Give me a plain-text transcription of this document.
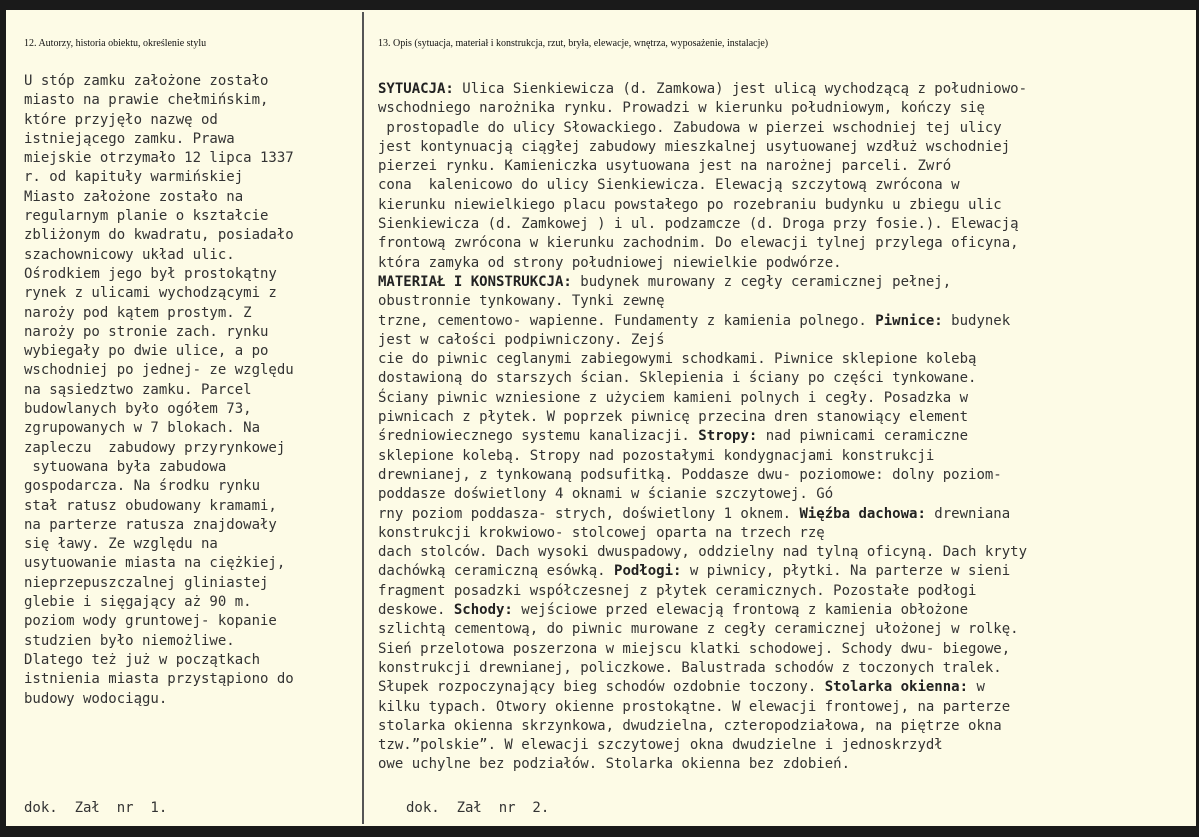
12. Autorzy, historia obiektu, określenie stylu	13. Opis (sytuacja, materiał i konstrukcja, rzut, bryła, elewacje, wnętrza, wyposażenie, instalacje)
U stóp zamku założone zostało
miasto na prawie chełmińskim,
które przyjęło nazwę od
istniejącego zamku. Prawa
miejskie otrzymało 12 lipca 1337
r. od kapituły warmińskiej
Miasto założone zostało na
regularnym planie o kształcie
zbliżonym do kwadratu, posiadało
szachownicowy układ ulic.
Ośrodkiem jego był prostokątny
rynek z ulicami wychodzącymi z
naroży pod kątem prostym. Z
naroży po stronie zach. rynku
wybiegały po dwie ulice, a po
wschodniej po jednej- ze względu
na sąsiedztwo zamku. Parcel
budowlanych było ogółem 73,
zgrupowanych w 7 blokach. Na
zapleczu  zabudowy przyrynkowej
sytuowana była zabudowa
gospodarcza. Na środku rynku
stał ratusz obudowany kramami,
na parterze ratusza znajdowały
się ławy. Ze względu na
usytuowanie miasta na ciężkiej,
nieprzepuszczalnej gliniastej
glebie i sięgający aż 90 m.
poziom wody gruntowej- kopanie
studzien było niemożliwe.
Dlatego też już w początkach
istnienia miasta przystąpiono do
budowy wodociągu.
SYTUACJA: Ulica Sienkiewicza (d. Zamkowa) jest ulicą wychodzącą z południowo-
wschodniego narożnika rynku. Prowadzi w kierunku południowym, kończy się
prostopadle do ulicy Słowackiego. Zabudowa w pierzei wschodniej tej ulicy
jest kontynuacją ciągłej zabudowy mieszkalnej usytuowanej wzdłuż wschodniej
pierzei rynku. Kamieniczka usytuowana jest na narożnej parceli. Zwró
cona  kalenicowo do ulicy Sienkiewicza. Elewacją szczytową zwrócona w
kierunku niewielkiego placu powstałego po rozebraniu budynku u zbiegu ulic
Sienkiewicza (d. Zamkowej ) i ul. podzamcze (d. Droga przy fosie.). Elewacją
frontową zwrócona w kierunku zachodnim. Do elewacji tylnej przylega oficyna,
która zamyka od strony południowej niewielkie podwórze.
MATERIAŁ I KONSTRUKCJA: budynek murowany z cegły ceramicznej pełnej,
obustronnie tynkowany. Tynki zewnę
trzne, cementowo- wapienne. Fundamenty z kamienia polnego. Piwnice: budynek
jest w całości podpiwniczony. Zejś
cie do piwnic ceglanymi zabiegowymi schodkami. Piwnice sklepione kolebą
dostawioną do starszych ścian. Sklepienia i ściany po części tynkowane.
Ściany piwnic wzniesione z użyciem kamieni polnych i cegły. Posadzka w
piwnicach z płytek. W poprzek piwnicę przecina dren stanowiący element
średniowiecznego systemu kanalizacji. Stropy: nad piwnicami ceramiczne
sklepione kolebą. Stropy nad pozostałymi kondygnacjami konstrukcji
drewnianej, z tynkowaną podsufitką. Poddasze dwu- poziomowe: dolny poziom-
poddasze doświetlony 4 oknami w ścianie szczytowej. Gó
rny poziom poddasza- strych, doświetlony 1 oknem. Więźba dachowa: drewniana
konstrukcji krokwiowo- stolcowej oparta na trzech rzę
dach stolców. Dach wysoki dwuspadowy, oddzielny nad tylną oficyną. Dach kryty
dachówką ceramiczną esówką. Podłogi: w piwnicy, płytki. Na parterze w sieni
fragment posadzki współczesnej z płytek ceramicznych. Pozostałe podłogi
deskowe. Schody: wejściowe przed elewacją frontową z kamienia obłożone
szlichtą cementową, do piwnic murowane z cegły ceramicznej ułożonej w rolkę.
Sień przelotowa poszerzona w miejscu klatki schodowej. Schody dwu- biegowe,
konstrukcji drewnianej, policzkowe. Balustrada schodów z toczonych tralek.
Słupek rozpoczynający bieg schodów ozdobnie toczony. Stolarka okienna: w
kilku typach. Otwory okienne prostokątne. W elewacji frontowej, na parterze
stolarka okienna skrzynkowa, dwudzielna, czteropodziałowa, na piętrze okna
tzw.”polskie”. W elewacji szczytowej okna dwudzielne i jednoskrzydł
owe uchylne bez podziałów. Stolarka okienna bez zdobień.
dok.  Zał  nr  1.	dok.  Zał  nr  2.
